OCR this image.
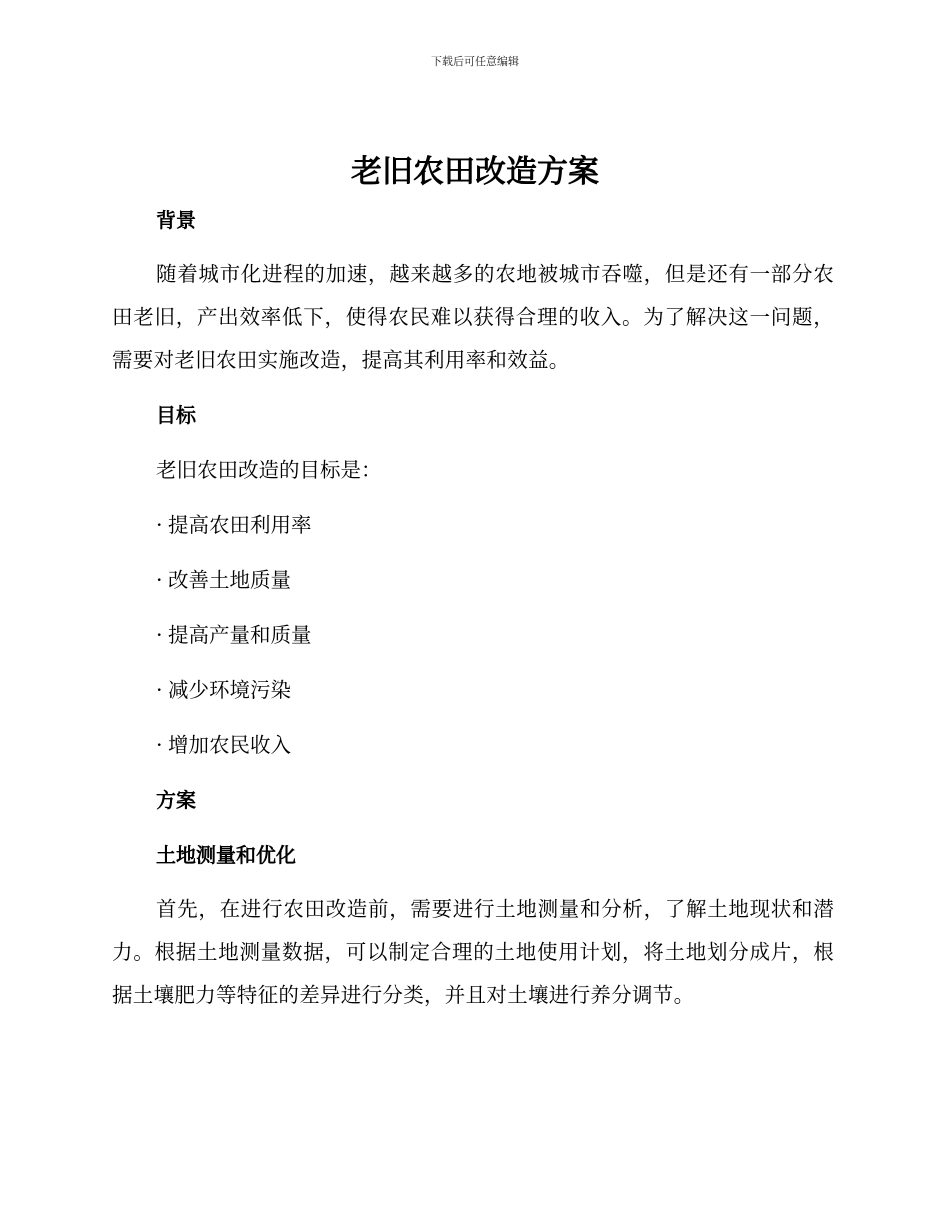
下载后可任意编辑
老旧农田改造方案
背景

随着城市化进程的加速，越来越多的农地被城市吞噬，但是还有一部分农田老旧，产出效率低下，使得农民难以获得合理的收入。为了解决这一问题，需要对老旧农田实施改造，提高其利用率和效益。

目标

老旧农田改造的目标是：

· 提高农田利用率
· 改善土地质量
· 提高产量和质量
· 减少环境污染
· 增加农民收入
方案
土地测量和优化

首先，在进行农田改造前，需要进行土地测量和分析，了解土地现状和潜力。根据土地测量数据，可以制定合理的土地使用计划，将土地划分成片，根据土壤肥力等特征的差异进行分类，并且对土壤进行养分调节。
